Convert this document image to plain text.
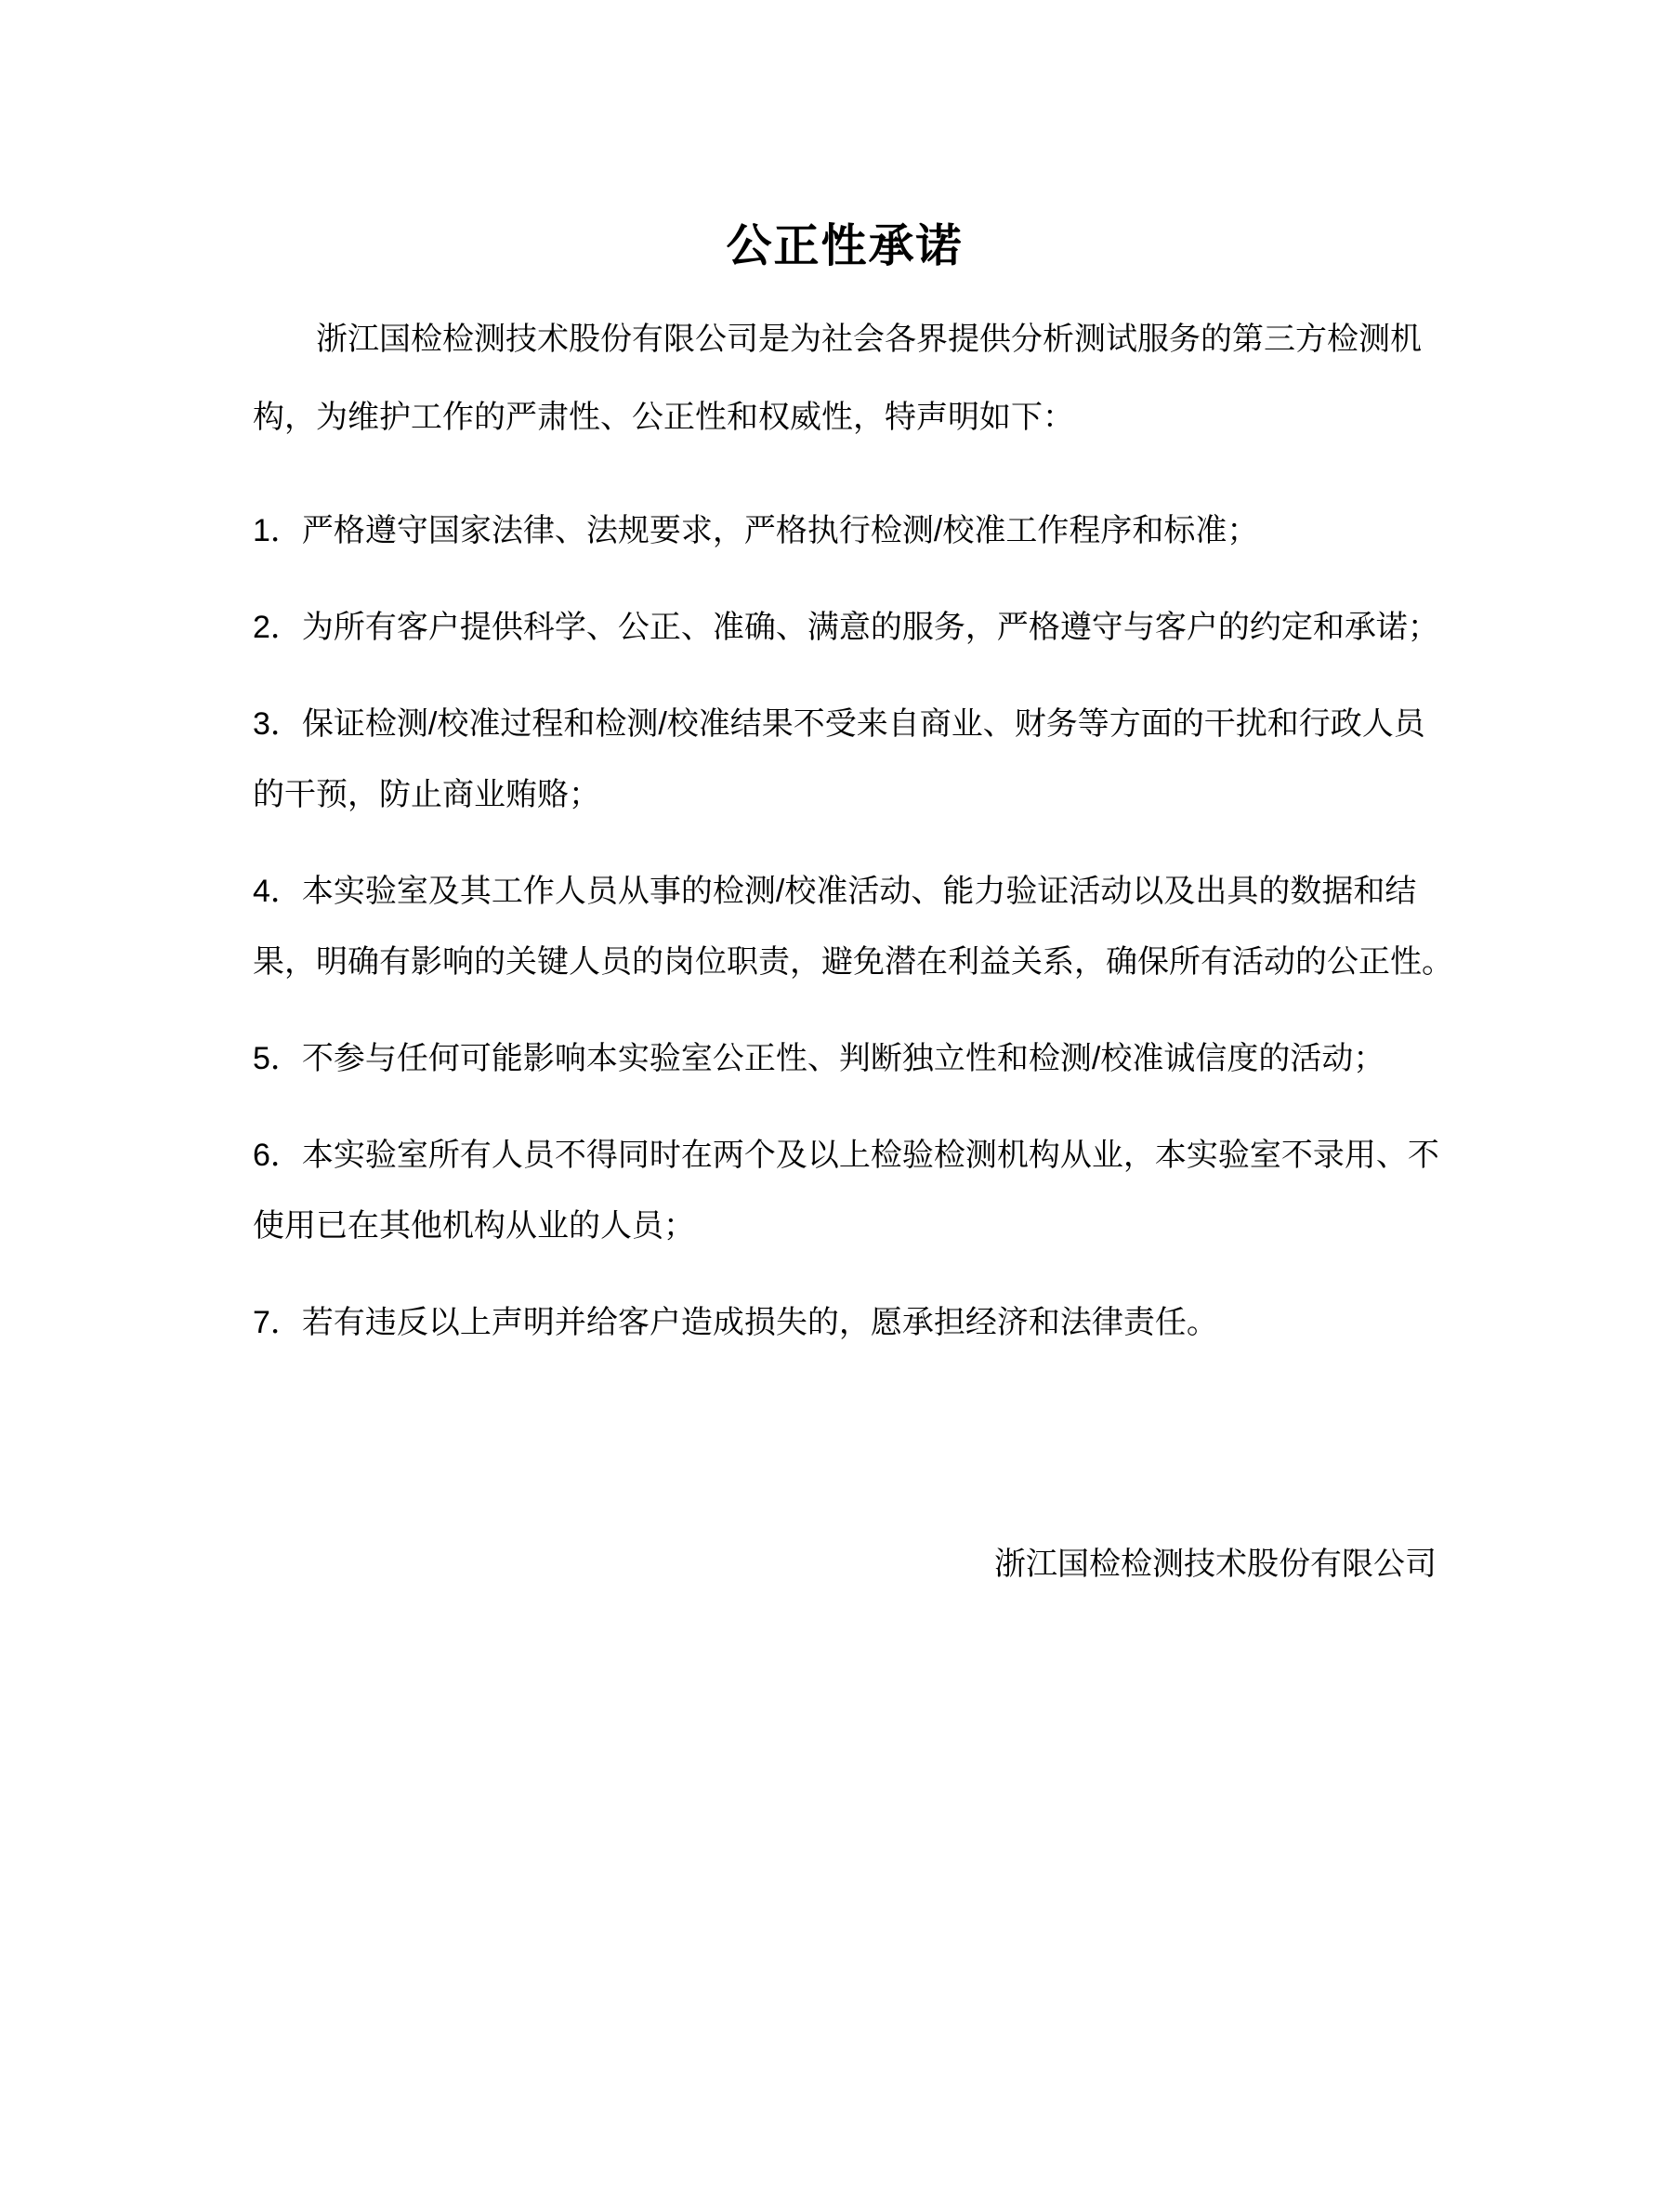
公正性承诺

浙江国检检测技术股份有限公司是为社会各界提供分析测试服务的第三方检测机
构，为维护工作的严肃性、公正性和权威性，特声明如下：

1．严格遵守国家法律、法规要求，严格执行检测/校准工作程序和标准；

2．为所有客户提供科学、公正、准确、满意的服务，严格遵守与客户的约定和承诺；

3．保证检测/校准过程和检测/校准结果不受来自商业、财务等方面的干扰和行政人员
的干预，防止商业贿赂；

4．本实验室及其工作人员从事的检测/校准活动、能力验证活动以及出具的数据和结
果，明确有影响的关键人员的岗位职责，避免潜在利益关系，确保所有活动的公正性。

5．不参与任何可能影响本实验室公正性、判断独立性和检测/校准诚信度的活动；

6．本实验室所有人员不得同时在两个及以上检验检测机构从业，本实验室不录用、不
使用已在其他机构从业的人员；

7．若有违反以上声明并给客户造成损失的，愿承担经济和法律责任。

浙江国检检测技术股份有限公司
